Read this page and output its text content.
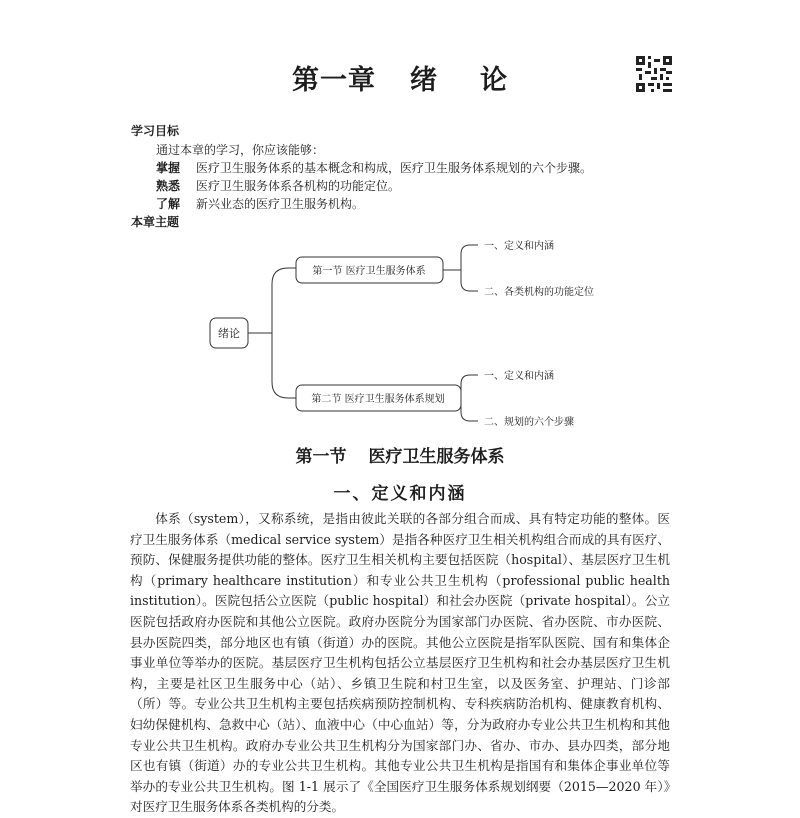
第一章 绪 论
学习目标
通过本章的学习，你应该能够：
掌握 医疗卫生服务体系的基本概念和构成，医疗卫生服务体系规划的六个步骤。
熟悉 医疗卫生服务体系各机构的功能定位。
了解 新兴业态的医疗卫生服务机构。
本章主题
绪论
第一节 医疗卫生服务体系
第二节 医疗卫生服务体系规划
一、定义和内涵
二、各类机构的功能定位
一、定义和内涵
二、规划的六个步骤
第一节 医疗卫生服务体系
一、定义和内涵

体系（system），又称系统，是指由彼此关联的各部分组合而成、具有特定功能的整体。医疗卫生服务体系（medical service system）是指各种医疗卫生相关机构组合而成的具有医疗、预防、保健服务提供功能的整体。医疗卫生相关机构主要包括医院（hospital）、基层医疗卫生机构（primary healthcare institution）和专业公共卫生机构（professional public health institution）。医院包括公立医院（public hospital）和社会办医院（private hospital）。公立医院包括政府办医院和其他公立医院。政府办医院分为国家部门办医院、省办医院、市办医院、县办医院四类，部分地区也有镇（街道）办的医院。其他公立医院是指军队医院、国有和集体企事业单位等举办的医院。基层医疗卫生机构包括公立基层医疗卫生机构和社会办基层医疗卫生机构，主要是社区卫生服务中心（站）、乡镇卫生院和村卫生室，以及医务室、护理站、门诊部（所）等。专业公共卫生机构主要包括疾病预防控制机构、专科疾病防治机构、健康教育机构、妇幼保健机构、急救中心（站）、血液中心（中心血站）等，分为政府办专业公共卫生机构和其他专业公共卫生机构。政府办专业公共卫生机构分为国家部门办、省办、市办、县办四类，部分地区也有镇（街道）办的专业公共卫生机构。其他专业公共卫生机构是指国有和集体企事业单位等举办的专业公共卫生机构。图 1-1 展示了《全国医疗卫生服务体系规划纲要（2015—2020 年）》对医疗卫生服务体系各类机构的分类。
